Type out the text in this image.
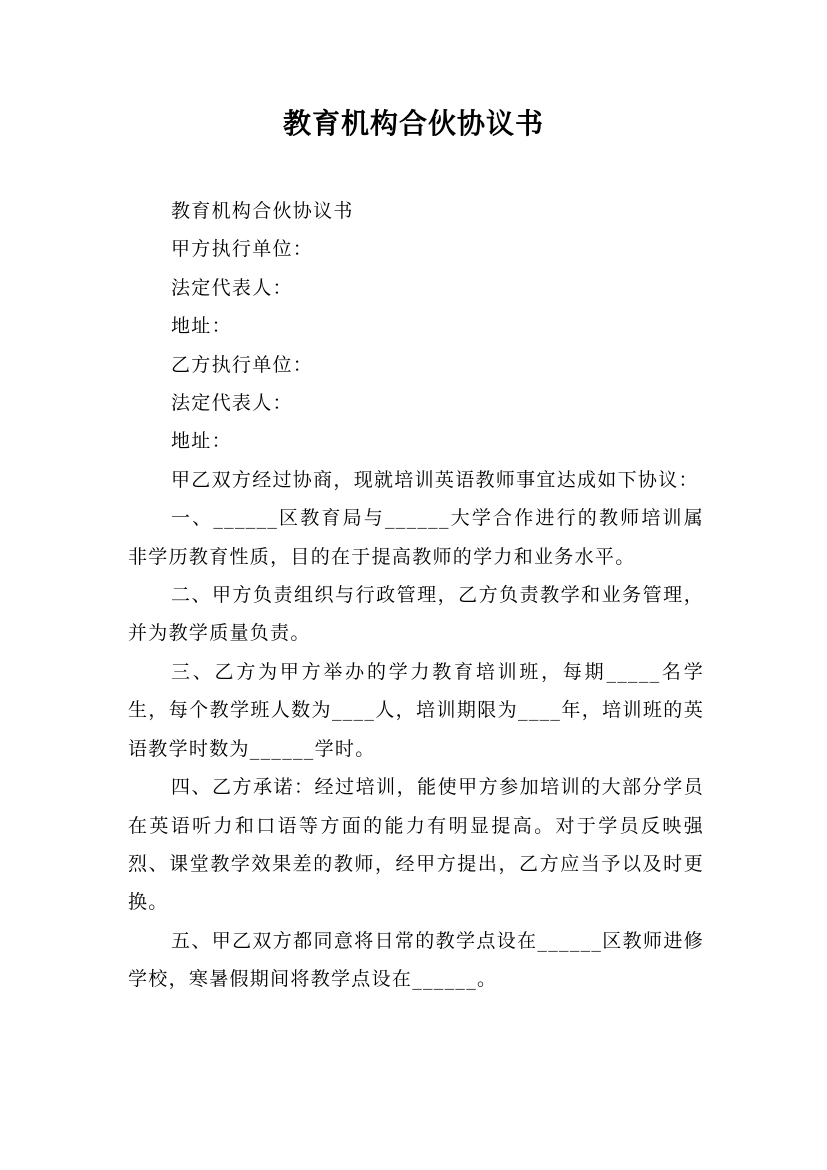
教育机构合伙协议书

教育机构合伙协议书

甲方执行单位：

法定代表人：

地址：

乙方执行单位：

法定代表人：

地址：

甲乙双方经过协商，现就培训英语教师事宜达成如下协议：

一、______区教育局与______大学合作进行的教师培训属非学历教育性质，目的在于提高教师的学力和业务水平。

二、甲方负责组织与行政管理，乙方负责教学和业务管理，并为教学质量负责。

三、乙方为甲方举办的学力教育培训班，每期_____名学生，每个教学班人数为____人，培训期限为____年，培训班的英语教学时数为______学时。

四、乙方承诺：经过培训，能使甲方参加培训的大部分学员在英语听力和口语等方面的能力有明显提高。对于学员反映强烈、课堂教学效果差的教师，经甲方提出，乙方应当予以及时更换。

五、甲乙双方都同意将日常的教学点设在______区教师进修学校，寒暑假期间将教学点设在______。
